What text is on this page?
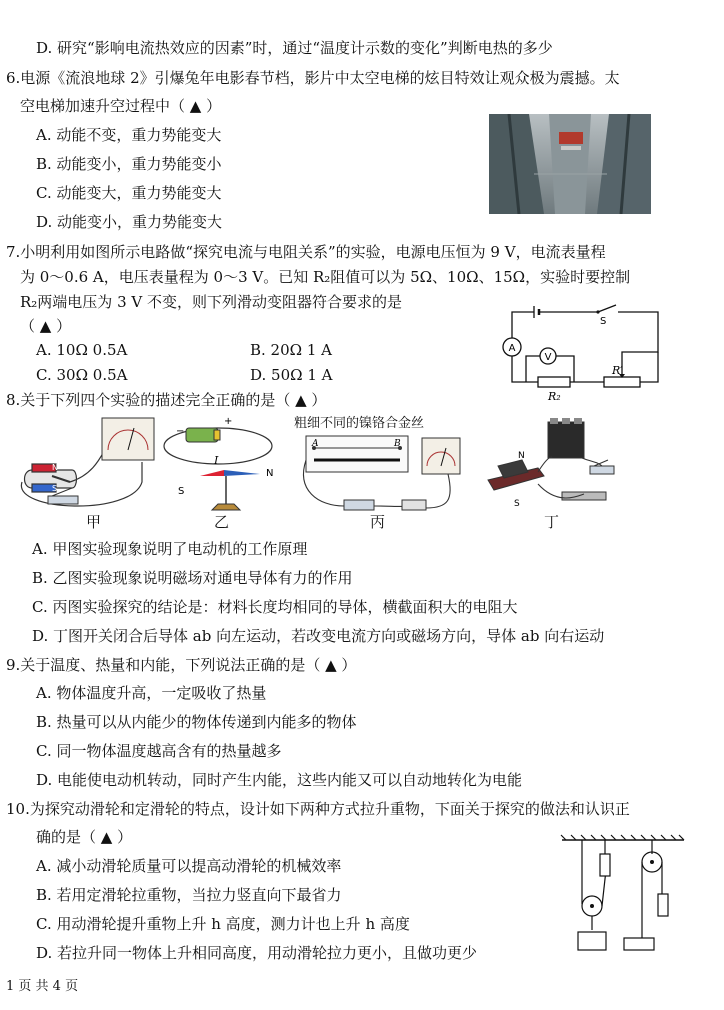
D. 研究“影响电流热效应的因素”时，通过“温度计示数的变化”判断电热的多少
6.电源《流浪地球 2》引爆兔年电影春节档，影片中太空电梯的炫目特效让观众极为震撼。太
空电梯加速升空过程中（ ▲ ）
A. 动能不变，重力势能变大
B. 动能变小，重力势能变小
C. 动能变大，重力势能变大
D. 动能变小，重力势能变大
7.小明利用如图所示电路做“探究电流与电阻关系”的实验，电源电压恒为 9 V，电流表量程
为 0～0.6 A，电压表量程为 0～3 V。已知 R₂阻值可以为 5Ω、10Ω、15Ω，实验时要控制
R₂两端电压为 3 V 不变，则下列滑动变阻器符合要求的是
（ ▲ ）
A. 10Ω 0.5A	B. 20Ω 1 A
C. 30Ω 0.5A	D. 50Ω 1 A
A
V
S
R′
R₂
8.关于下列四个实验的描述完全正确的是（ ▲ ）
N
S
甲
I
+
−
S
N
乙
粗细不同的镍铬合金丝
A	B
丙
N
S
丁
A. 甲图实验现象说明了电动机的工作原理
B. 乙图实验现象说明磁场对通电导体有力的作用
C. 丙图实验探究的结论是：材料长度均相同的导体，横截面积大的电阻大
D. 丁图开关闭合后导体 ab 向左运动，若改变电流方向或磁场方向，导体 ab 向右运动
9.关于温度、热量和内能，下列说法正确的是（ ▲ ）
A. 物体温度升高，一定吸收了热量
B. 热量可以从内能少的物体传递到内能多的物体
C. 同一物体温度越高含有的热量越多
D. 电能使电动机转动，同时产生内能，这些内能又可以自动地转化为电能
10.为探究动滑轮和定滑轮的特点，设计如下两种方式拉升重物，下面关于探究的做法和认识正
确的是（ ▲ ）
A. 减小动滑轮质量可以提高动滑轮的机械效率
B. 若用定滑轮拉重物，当拉力竖直向下最省力
C. 用动滑轮提升重物上升 h 高度，测力计也上升 h 高度
D. 若拉升同一物体上升相同高度，用动滑轮拉力更小，且做功更少
1 页 共 4 页
